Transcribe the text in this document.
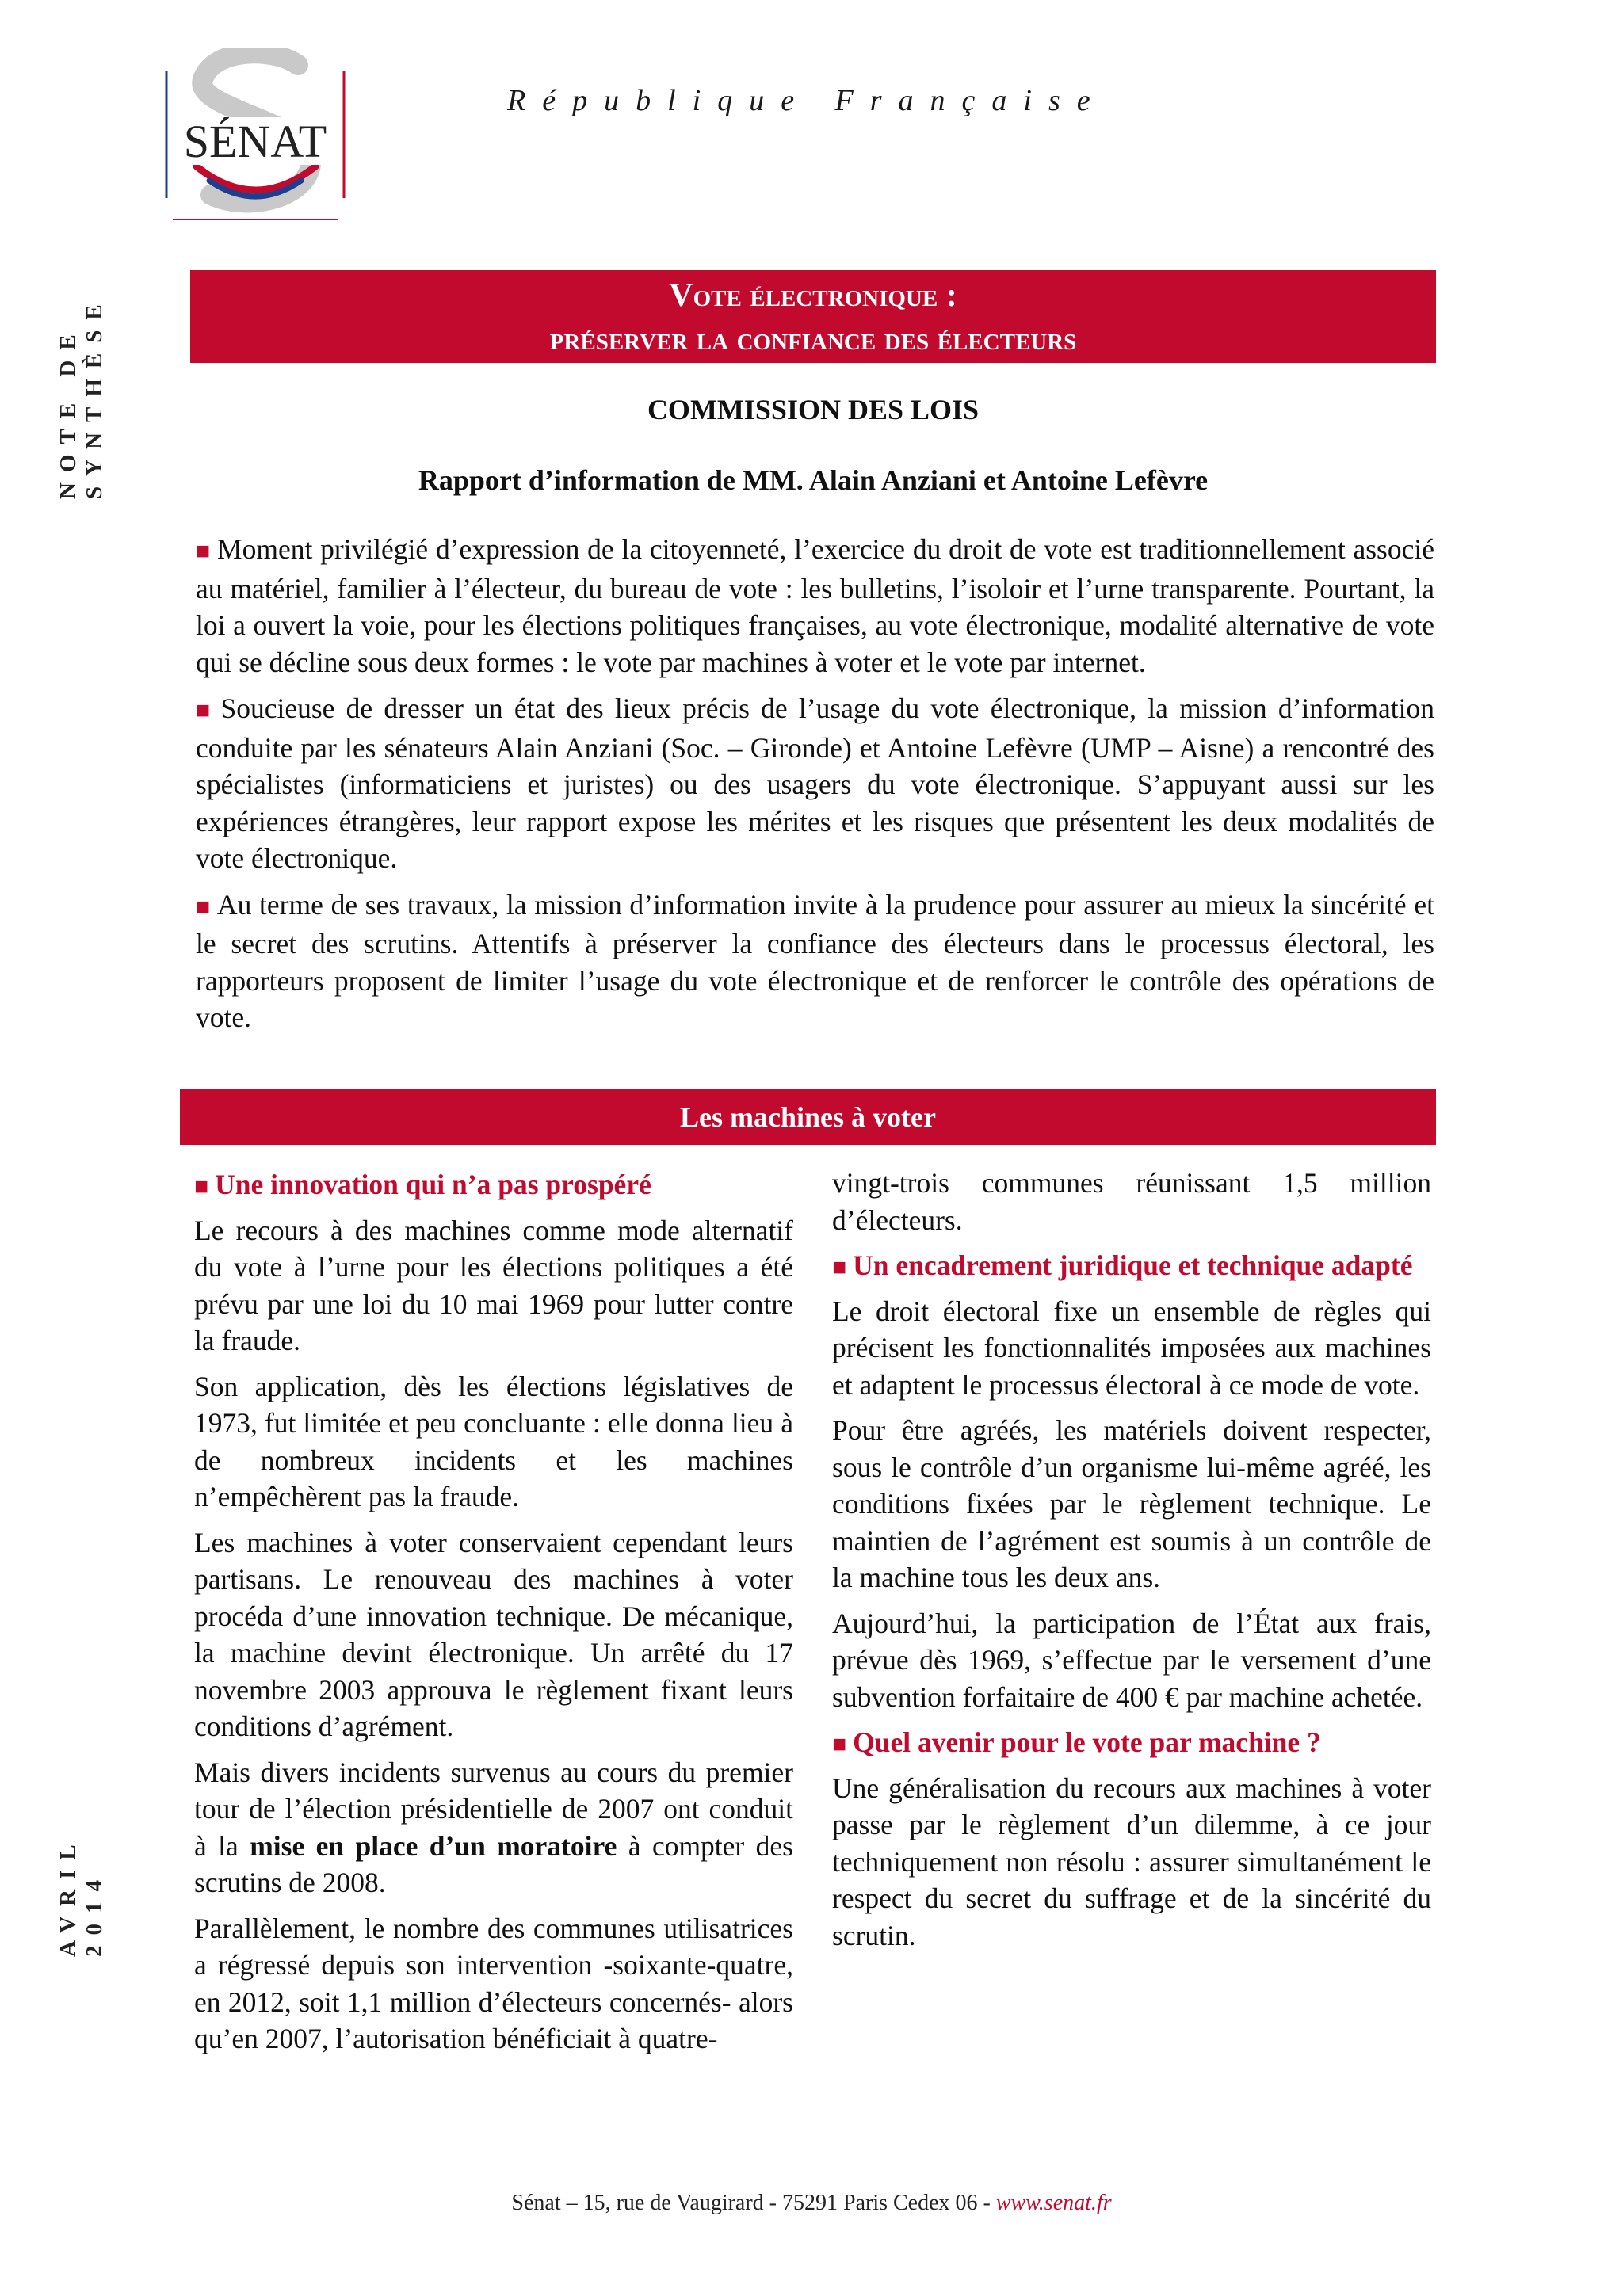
SÉNAT
République Française
NOTE DE SYNTHÈSE
AVRIL 2014
Vote électronique :
préserver la confiance des électeurs
COMMISSION DES LOIS
Rapport d’information de MM. Alain Anziani et Antoine Lefèvre

■ Moment privilégié d’expression de la citoyenneté, l’exercice du droit de vote est traditionnellement associé au matériel, familier à l’électeur, du bureau de vote : les bulletins, l’isoloir et l’urne transparente. Pourtant, la loi a ouvert la voie, pour les élections politiques françaises, au vote électronique, modalité alternative de vote qui se décline sous deux formes : le vote par machines à voter et le vote par internet.

■ Soucieuse de dresser un état des lieux précis de l’usage du vote électronique, la mission d’information conduite par les sénateurs Alain Anziani (Soc. – Gironde) et Antoine Lefèvre (UMP – Aisne) a rencontré des spécialistes (informaticiens et juristes) ou des usagers du vote électronique. S’appuyant aussi sur les expériences étrangères, leur rapport expose les mérites et les risques que présentent les deux modalités de vote électronique.

■ Au terme de ses travaux, la mission d’information invite à la prudence pour assurer au mieux la sincérité et le secret des scrutins. Attentifs à préserver la confiance des électeurs dans le processus électoral, les rapporteurs proposent de limiter l’usage du vote électronique et de renforcer le contrôle des opérations de vote.

Les machines à voter
■ Une innovation qui n’a pas prospéré

Le recours à des machines comme mode alternatif du vote à l’urne pour les élections politiques a été prévu par une loi du 10 mai 1969 pour lutter contre la fraude.

Son application, dès les élections législatives de 1973, fut limitée et peu concluante : elle donna lieu à de nombreux incidents et les machines n’empêchèrent pas la fraude.

Les machines à voter conservaient cependant leurs partisans. Le renouveau des machines à voter procéda d’une innovation technique. De mécanique, la machine devint électronique. Un arrêté du 17 novembre 2003 approuva le règlement fixant leurs conditions d’agrément.

Mais divers incidents survenus au cours du premier tour de l’élection présidentielle de 2007 ont conduit à la mise en place d’un moratoire à compter des scrutins de 2008.

Parallèlement, le nombre des communes utilisatrices a régressé depuis son intervention -soixante-quatre, en 2012, soit 1,1 million d’électeurs concernés- alors qu’en 2007, l’autorisation bénéficiait à quatre-

vingt-trois communes réunissant 1,5 million d’électeurs.

■ Un encadrement juridique et technique adapté

Le droit électoral fixe un ensemble de règles qui précisent les fonctionnalités imposées aux machines et adaptent le processus électoral à ce mode de vote.

Pour être agréés, les matériels doivent respecter, sous le contrôle d’un organisme lui-même agréé, les conditions fixées par le règlement technique. Le maintien de l’agrément est soumis à un contrôle de la machine tous les deux ans.

Aujourd’hui, la participation de l’État aux frais, prévue dès 1969, s’effectue par le versement d’une subvention forfaitaire de 400 € par machine achetée.

■ Quel avenir pour le vote par machine ?

Une généralisation du recours aux machines à voter passe par le règlement d’un dilemme, à ce jour techniquement non résolu : assurer simultanément le respect du secret du suffrage et de la sincérité du scrutin.

Sénat – 15, rue de Vaugirard - 75291 Paris Cedex 06 - www.senat.fr
